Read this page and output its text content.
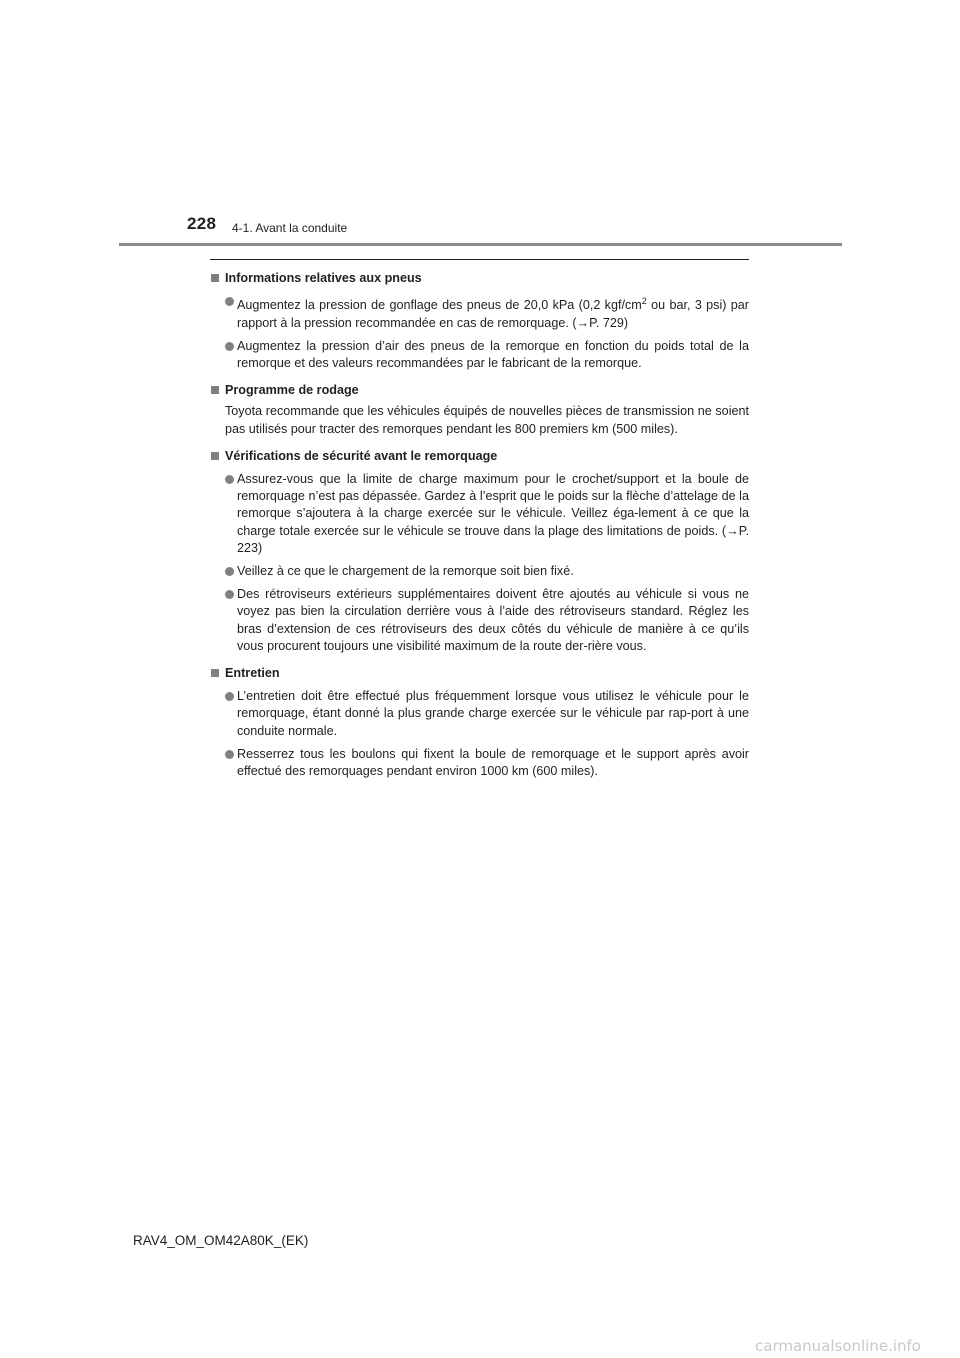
228 4-1. Avant la conduite

Informations relatives aux pneus

Augmentez la pression de gonflage des pneus de 20,0 kPa (0,2 kgf/$cm^2$ ou bar, 3 psi) par rapport à la pression recommandée en cas de remorquage. (→P. 729)

Augmentez la pression d’air des pneus de la remorque en fonction du poids total de la remorque et des valeurs recommandées par le fabricant de la remorque.

Programme de rodage

Toyota recommande que les véhicules équipés de nouvelles pièces de transmission ne soient pas utilisés pour tracter des remorques pendant les 800 premiers km (500 miles).

Vérifications de sécurité avant le remorquage

Assurez-vous que la limite de charge maximum pour le crochet/support et la boule de remorquage n’est pas dépassée. Gardez à l’esprit que le poids sur la flèche d’attelage de la remorque s’ajoutera à la charge exercée sur le véhicule. Veillez éga-lement à ce que la charge totale exercée sur le véhicule se trouve dans la plage des limitations de poids. (→P. 223)

Veillez à ce que le chargement de la remorque soit bien fixé.

Des rétroviseurs extérieurs supplémentaires doivent être ajoutés au véhicule si vous ne voyez pas bien la circulation derrière vous à l’aide des rétroviseurs standard. Réglez les bras d’extension de ces rétroviseurs des deux côtés du véhicule de manière à ce qu’ils vous procurent toujours une visibilité maximum de la route der-rière vous.

Entretien

L’entretien doit être effectué plus fréquemment lorsque vous utilisez le véhicule pour le remorquage, étant donné la plus grande charge exercée sur le véhicule par rap-port à une conduite normale.

Resserrez tous les boulons qui fixent la boule de remorquage et le support après avoir effectué des remorquages pendant environ 1000 km (600 miles).

RAV4_OM_OM42A80K_(EK)
carmanualsonline.info
